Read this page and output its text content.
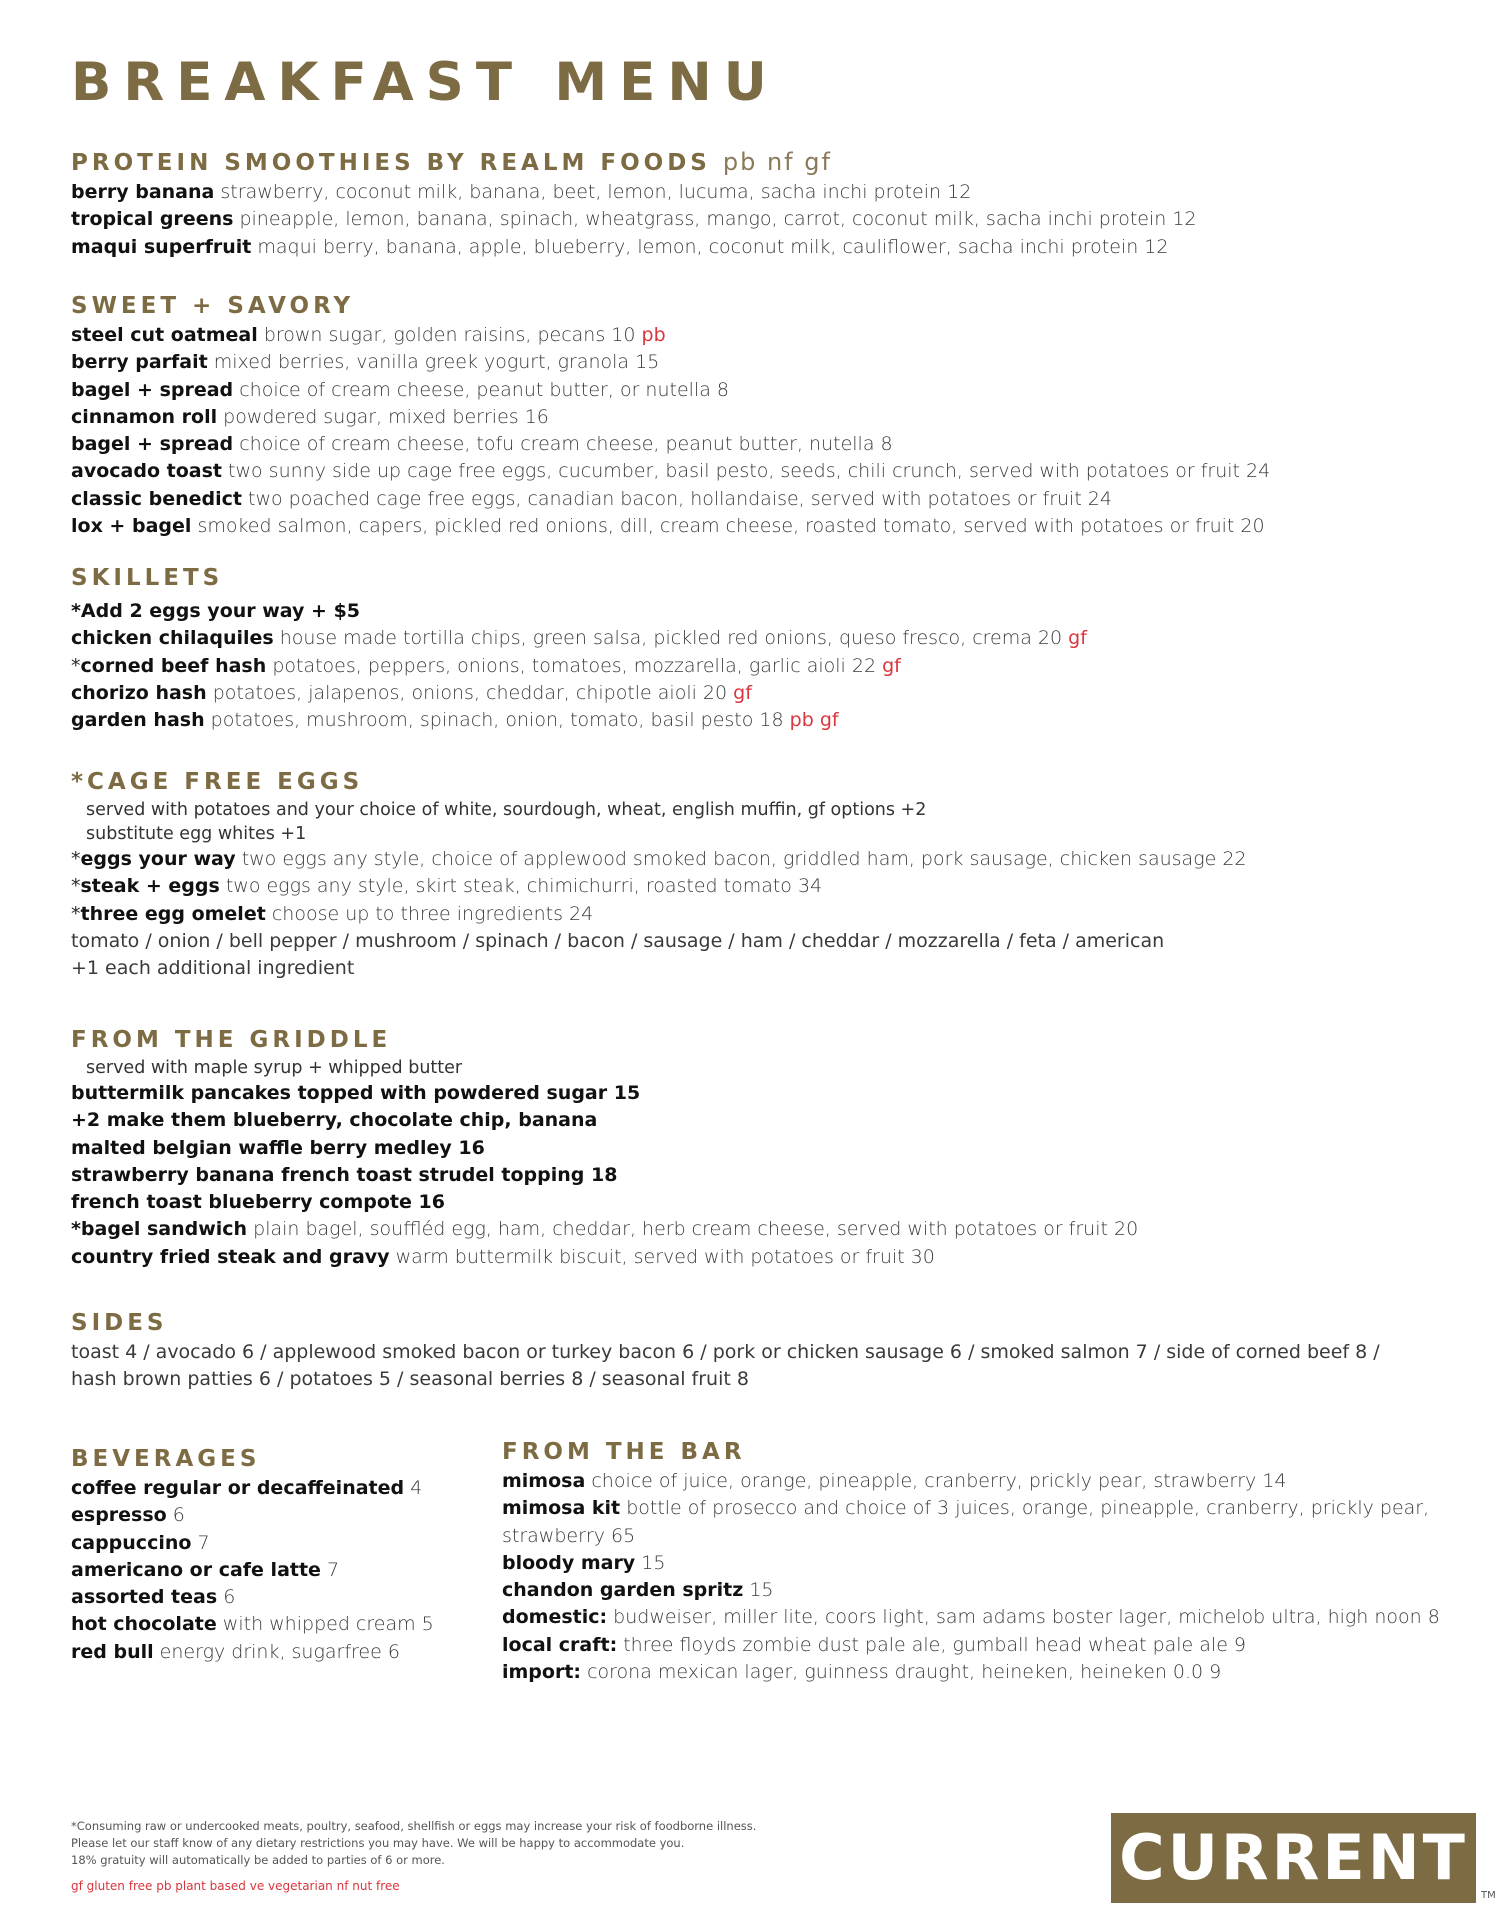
BREAKFAST MENU
PROTEIN SMOOTHIES BY REALM FOODS pb nf gf
berry banana strawberry, coconut milk, banana, beet, lemon, lucuma, sacha inchi protein 12
tropical greens pineapple, lemon, banana, spinach, wheatgrass, mango, carrot, coconut milk, sacha inchi protein 12
maqui superfruit maqui berry, banana, apple, blueberry, lemon, coconut milk, cauliflower, sacha inchi protein 12
SWEET + SAVORY
steel cut oatmeal brown sugar, golden raisins, pecans 10 pb
berry parfait mixed berries, vanilla greek yogurt, granola 15
bagel + spread choice of cream cheese, peanut butter, or nutella 8
cinnamon roll powdered sugar, mixed berries 16
bagel + spread choice of cream cheese, tofu cream cheese, peanut butter, nutella 8
avocado toast two sunny side up cage free eggs, cucumber, basil pesto, seeds, chili crunch, served with potatoes or fruit 24
classic benedict two poached cage free eggs, canadian bacon, hollandaise, served with potatoes or fruit 24
lox + bagel smoked salmon, capers, pickled red onions, dill, cream cheese, roasted tomato, served with potatoes or fruit 20
SKILLETS
*Add 2 eggs your way + $5
chicken chilaquiles house made tortilla chips, green salsa, pickled red onions, queso fresco, crema 20 gf
*corned beef hash potatoes, peppers, onions, tomatoes, mozzarella, garlic aioli 22 gf
chorizo hash potatoes, jalapenos, onions, cheddar, chipotle aioli 20 gf
garden hash potatoes, mushroom, spinach, onion, tomato, basil pesto 18 pb gf
*CAGE FREE EGGS
served with potatoes and your choice of white, sourdough, wheat, english muffin, gf options +2
substitute egg whites +1
*eggs your way two eggs any style, choice of applewood smoked bacon, griddled ham, pork sausage, chicken sausage 22
*steak + eggs two eggs any style, skirt steak, chimichurri, roasted tomato 34
*three egg omelet choose up to three ingredients 24
tomato / onion / bell pepper / mushroom / spinach / bacon / sausage / ham / cheddar / mozzarella / feta / american
+1 each additional ingredient
FROM THE GRIDDLE
served with maple syrup + whipped butter
buttermilk pancakes topped with powdered sugar 15
+2 make them blueberry, chocolate chip, banana
malted belgian waffle berry medley 16
strawberry banana french toast strudel topping 18
french toast blueberry compote 16
*bagel sandwich plain bagel, souffléd egg, ham, cheddar, herb cream cheese, served with potatoes or fruit 20
country fried steak and gravy warm buttermilk biscuit, served with potatoes or fruit 30
SIDES
toast 4 / avocado 6 / applewood smoked bacon or turkey bacon 6 / pork or chicken sausage 6 / smoked salmon 7 / side of corned beef 8 / hash brown patties 6 / potatoes 5 / seasonal berries 8 / seasonal fruit 8
BEVERAGES
coffee regular or decaffeinated 4
espresso 6
cappuccino 7
americano or cafe latte 7
assorted teas 6
hot chocolate with whipped cream 5
red bull energy drink, sugarfree 6
FROM THE BAR
mimosa choice of juice, orange, pineapple, cranberry, prickly pear, strawberry 14
mimosa kit bottle of prosecco and choice of 3 juices, orange, pineapple, cranberry, prickly pear, strawberry 65
bloody mary 15
chandon garden spritz 15
domestic: budweiser, miller lite, coors light, sam adams boster lager, michelob ultra, high noon 8
local craft: three floyds zombie dust pale ale, gumball head wheat pale ale 9
import: corona mexican lager, guinness draught, heineken, heineken 0.0 9
*Consuming raw or undercooked meats, poultry, seafood, shellfish or eggs may increase your risk of foodborne illness.
Please let our staff know of any dietary restrictions you may have. We will be happy to accommodate you.
18% gratuity will automatically be added to parties of 6 or more.
gf gluten free pb plant based ve vegetarian nf nut free	CURRENT
TM
